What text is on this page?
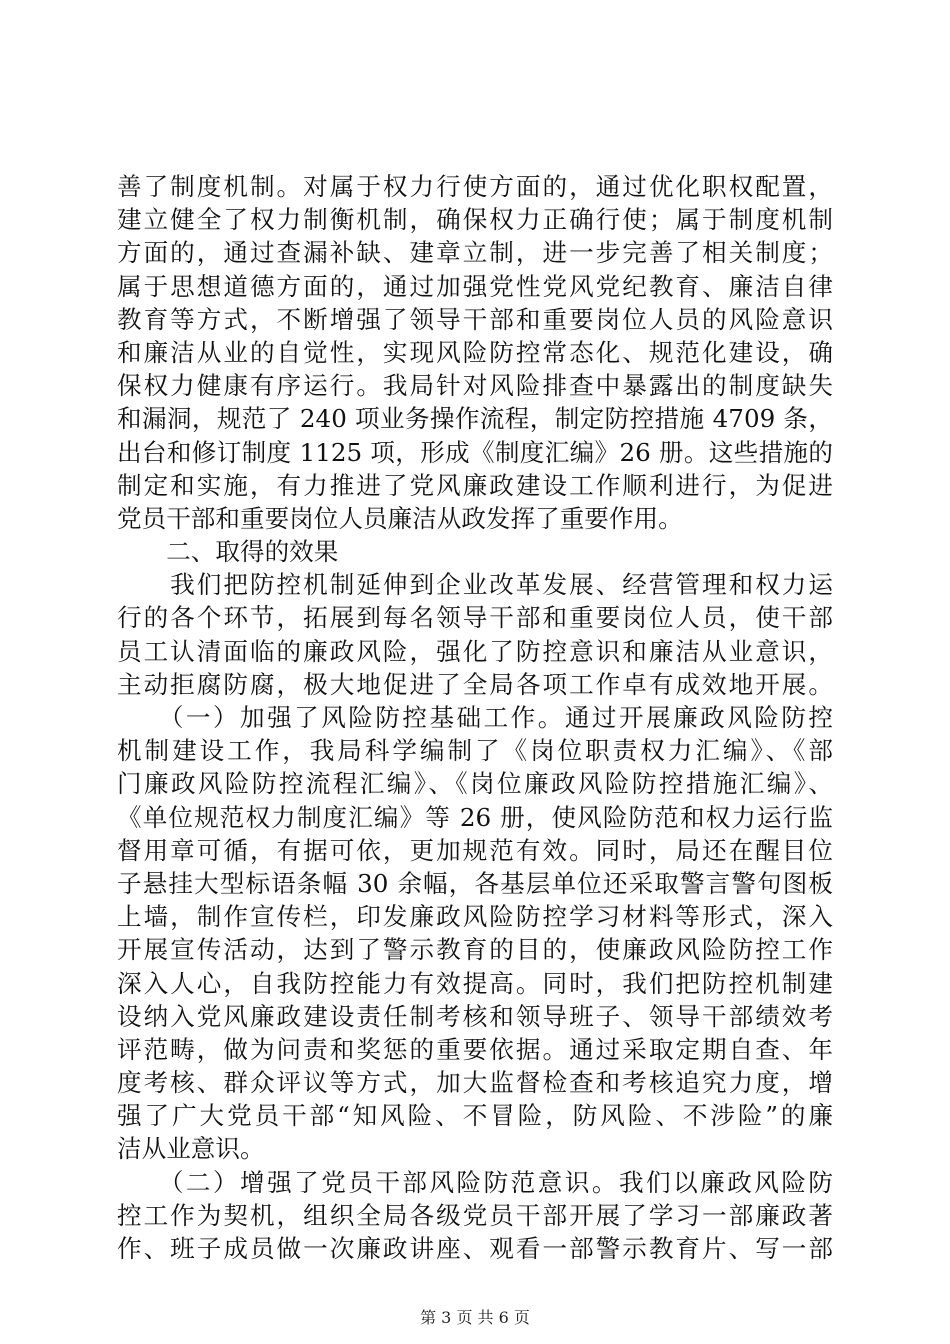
善了制度机制。对属于权力行使方面的，通过优化职权配置，
建立健全了权力制衡机制，确保权力正确行使；属于制度机制
方面的，通过查漏补缺、建章立制，进一步完善了相关制度；
属于思想道德方面的，通过加强党性党风党纪教育、廉洁自律
教育等方式，不断增强了领导干部和重要岗位人员的风险意识
和廉洁从业的自觉性，实现风险防控常态化、规范化建设，确
保权力健康有序运行。我局针对风险排查中暴露出的制度缺失
和漏洞，规范了 240 项业务操作流程，制定防控措施 4709 条，
出台和修订制度 1125 项，形成《制度汇编》26 册。这些措施的
制定和实施，有力推进了党风廉政建设工作顺利进行，为促进
党员干部和重要岗位人员廉洁从政发挥了重要作用。
　　二、取得的效果
　　我们把防控机制延伸到企业改革发展、经营管理和权力运
行的各个环节，拓展到每名领导干部和重要岗位人员，使干部
员工认清面临的廉政风险，强化了防控意识和廉洁从业意识，
主动拒腐防腐，极大地促进了全局各项工作卓有成效地开展。
　　（一）加强了风险防控基础工作。通过开展廉政风险防控
机制建设工作，我局科学编制了《岗位职责权力汇编》、《部
门廉政风险防控流程汇编》、《岗位廉政风险防控措施汇编》、
《单位规范权力制度汇编》等 26 册，使风险防范和权力运行监
督用章可循，有据可依，更加规范有效。同时，局还在醒目位
子悬挂大型标语条幅 30 余幅，各基层单位还采取警言警句图板
上墙，制作宣传栏，印发廉政风险防控学习材料等形式，深入
开展宣传活动，达到了警示教育的目的，使廉政风险防控工作
深入人心，自我防控能力有效提高。同时，我们把防控机制建
设纳入党风廉政建设责任制考核和领导班子、领导干部绩效考
评范畴，做为问责和奖惩的重要依据。通过采取定期自查、年
度考核、群众评议等方式，加大监督检查和考核追究力度，增
强了广大党员干部“知风险、不冒险，防风险、不涉险”的廉
洁从业意识。
　　（二）增强了党员干部风险防范意识。我们以廉政风险防
控工作为契机，组织全局各级党员干部开展了学习一部廉政著
作、班子成员做一次廉政讲座、观看一部警示教育片、写一部
第 3 页 共 6 页
